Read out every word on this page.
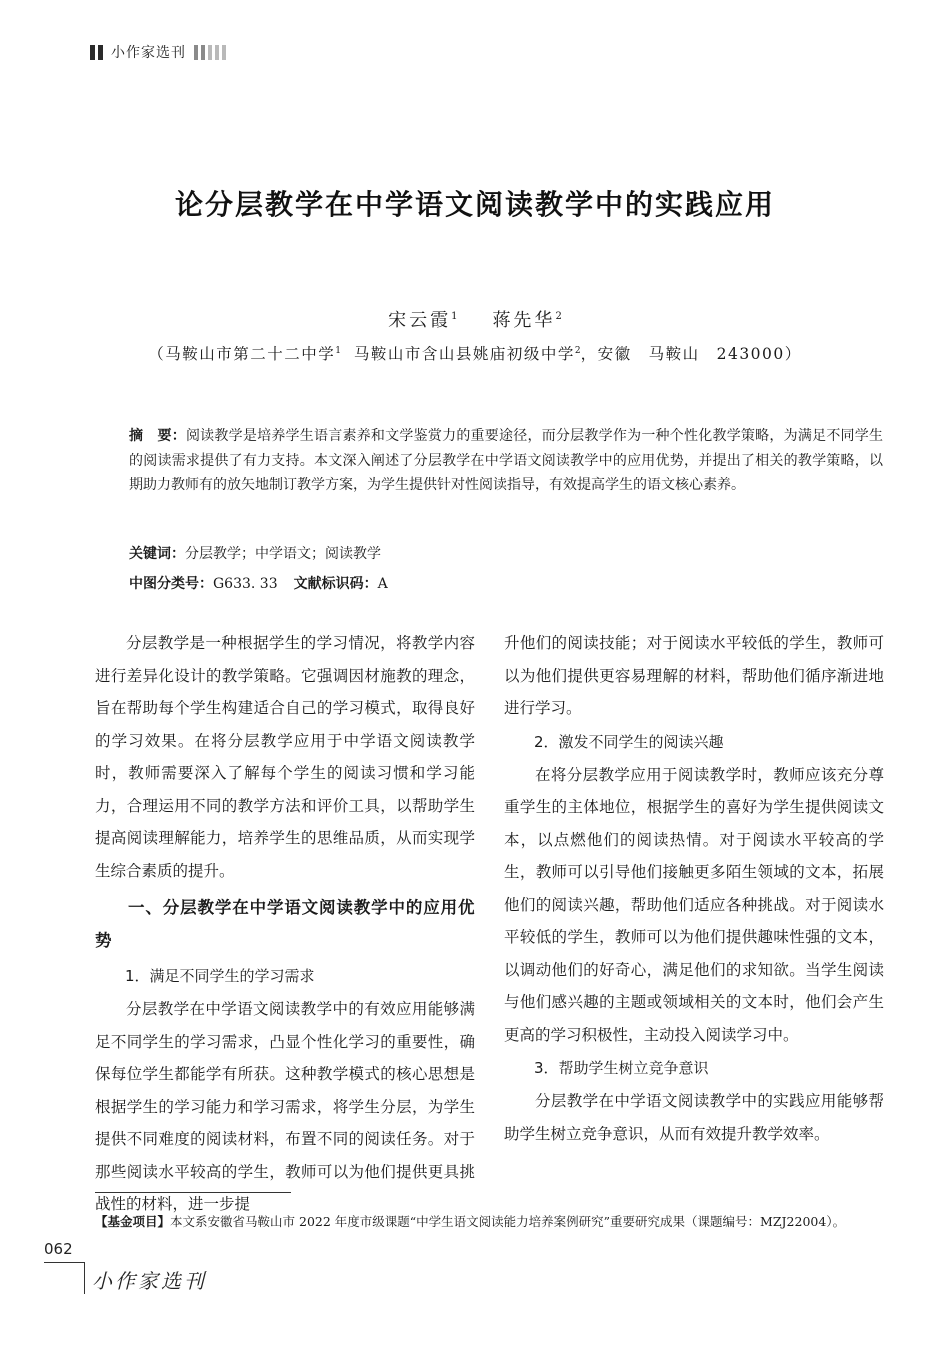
小作家选刊
论分层教学在中学语文阅读教学中的实践应用
宋云霞$^1$ 蒋先华$^2$
（马鞍山市第二十二中学$^1$ 马鞍山市含山县姚庙初级中学$^2$，安徽　马鞍山　243000）
摘　要：阅读教学是培养学生语言素养和文学鉴赏力的重要途径，而分层教学作为一种个性化教学策略，为满足不同学生的阅读需求提供了有力支持。本文深入阐述了分层教学在中学语文阅读教学中的应用优势，并提出了相关的教学策略，以期助力教师有的放矢地制订教学方案，为学生提供针对性阅读指导，有效提高学生的语文核心素养。
关键词：分层教学；中学语文；阅读教学
中图分类号：G633. 33 文献标识码：A

分层教学是一种根据学生的学习情况，将教学内容进行差异化设计的教学策略。它强调因材施教的理念，旨在帮助每个学生构建适合自己的学习模式，取得良好的学习效果。在将分层教学应用于中学语文阅读教学时，教师需要深入了解每个学生的阅读习惯和学习能力，合理运用不同的教学方法和评价工具，以帮助学生提高阅读理解能力，培养学生的思维品质，从而实现学生综合素质的提升。

一、分层教学在中学语文阅读教学中的应用优势
1．满足不同学生的学习需求

分层教学在中学语文阅读教学中的有效应用能够满足不同学生的学习需求，凸显个性化学习的重要性，确保每位学生都能学有所获。这种教学模式的核心思想是根据学生的学习能力和学习需求，将学生分层，为学生提供不同难度的阅读材料，布置不同的阅读任务。对于那些阅读水平较高的学生，教师可以为他们提供更具挑战性的材料，进一步提

升他们的阅读技能；对于阅读水平较低的学生，教师可以为他们提供更容易理解的材料，帮助他们循序渐进地进行学习。

2．激发不同学生的阅读兴趣

在将分层教学应用于阅读教学时，教师应该充分尊重学生的主体地位，根据学生的喜好为学生提供阅读文本，以点燃他们的阅读热情。对于阅读水平较高的学生，教师可以引导他们接触更多陌生领域的文本，拓展他们的阅读兴趣，帮助他们适应各种挑战。对于阅读水平较低的学生，教师可以为他们提供趣味性强的文本，以调动他们的好奇心，满足他们的求知欲。当学生阅读与他们感兴趣的主题或领域相关的文本时，他们会产生更高的学习积极性，主动投入阅读学习中。

3．帮助学生树立竞争意识

分层教学在中学语文阅读教学中的实践应用能够帮助学生树立竞争意识，从而有效提升教学效率。

【基金项目】本文系安徽省马鞍山市 2022 年度市级课题“中学生语文阅读能力培养案例研究”重要研究成果（课题编号：MZJ22004）。
062
小作家选刊
